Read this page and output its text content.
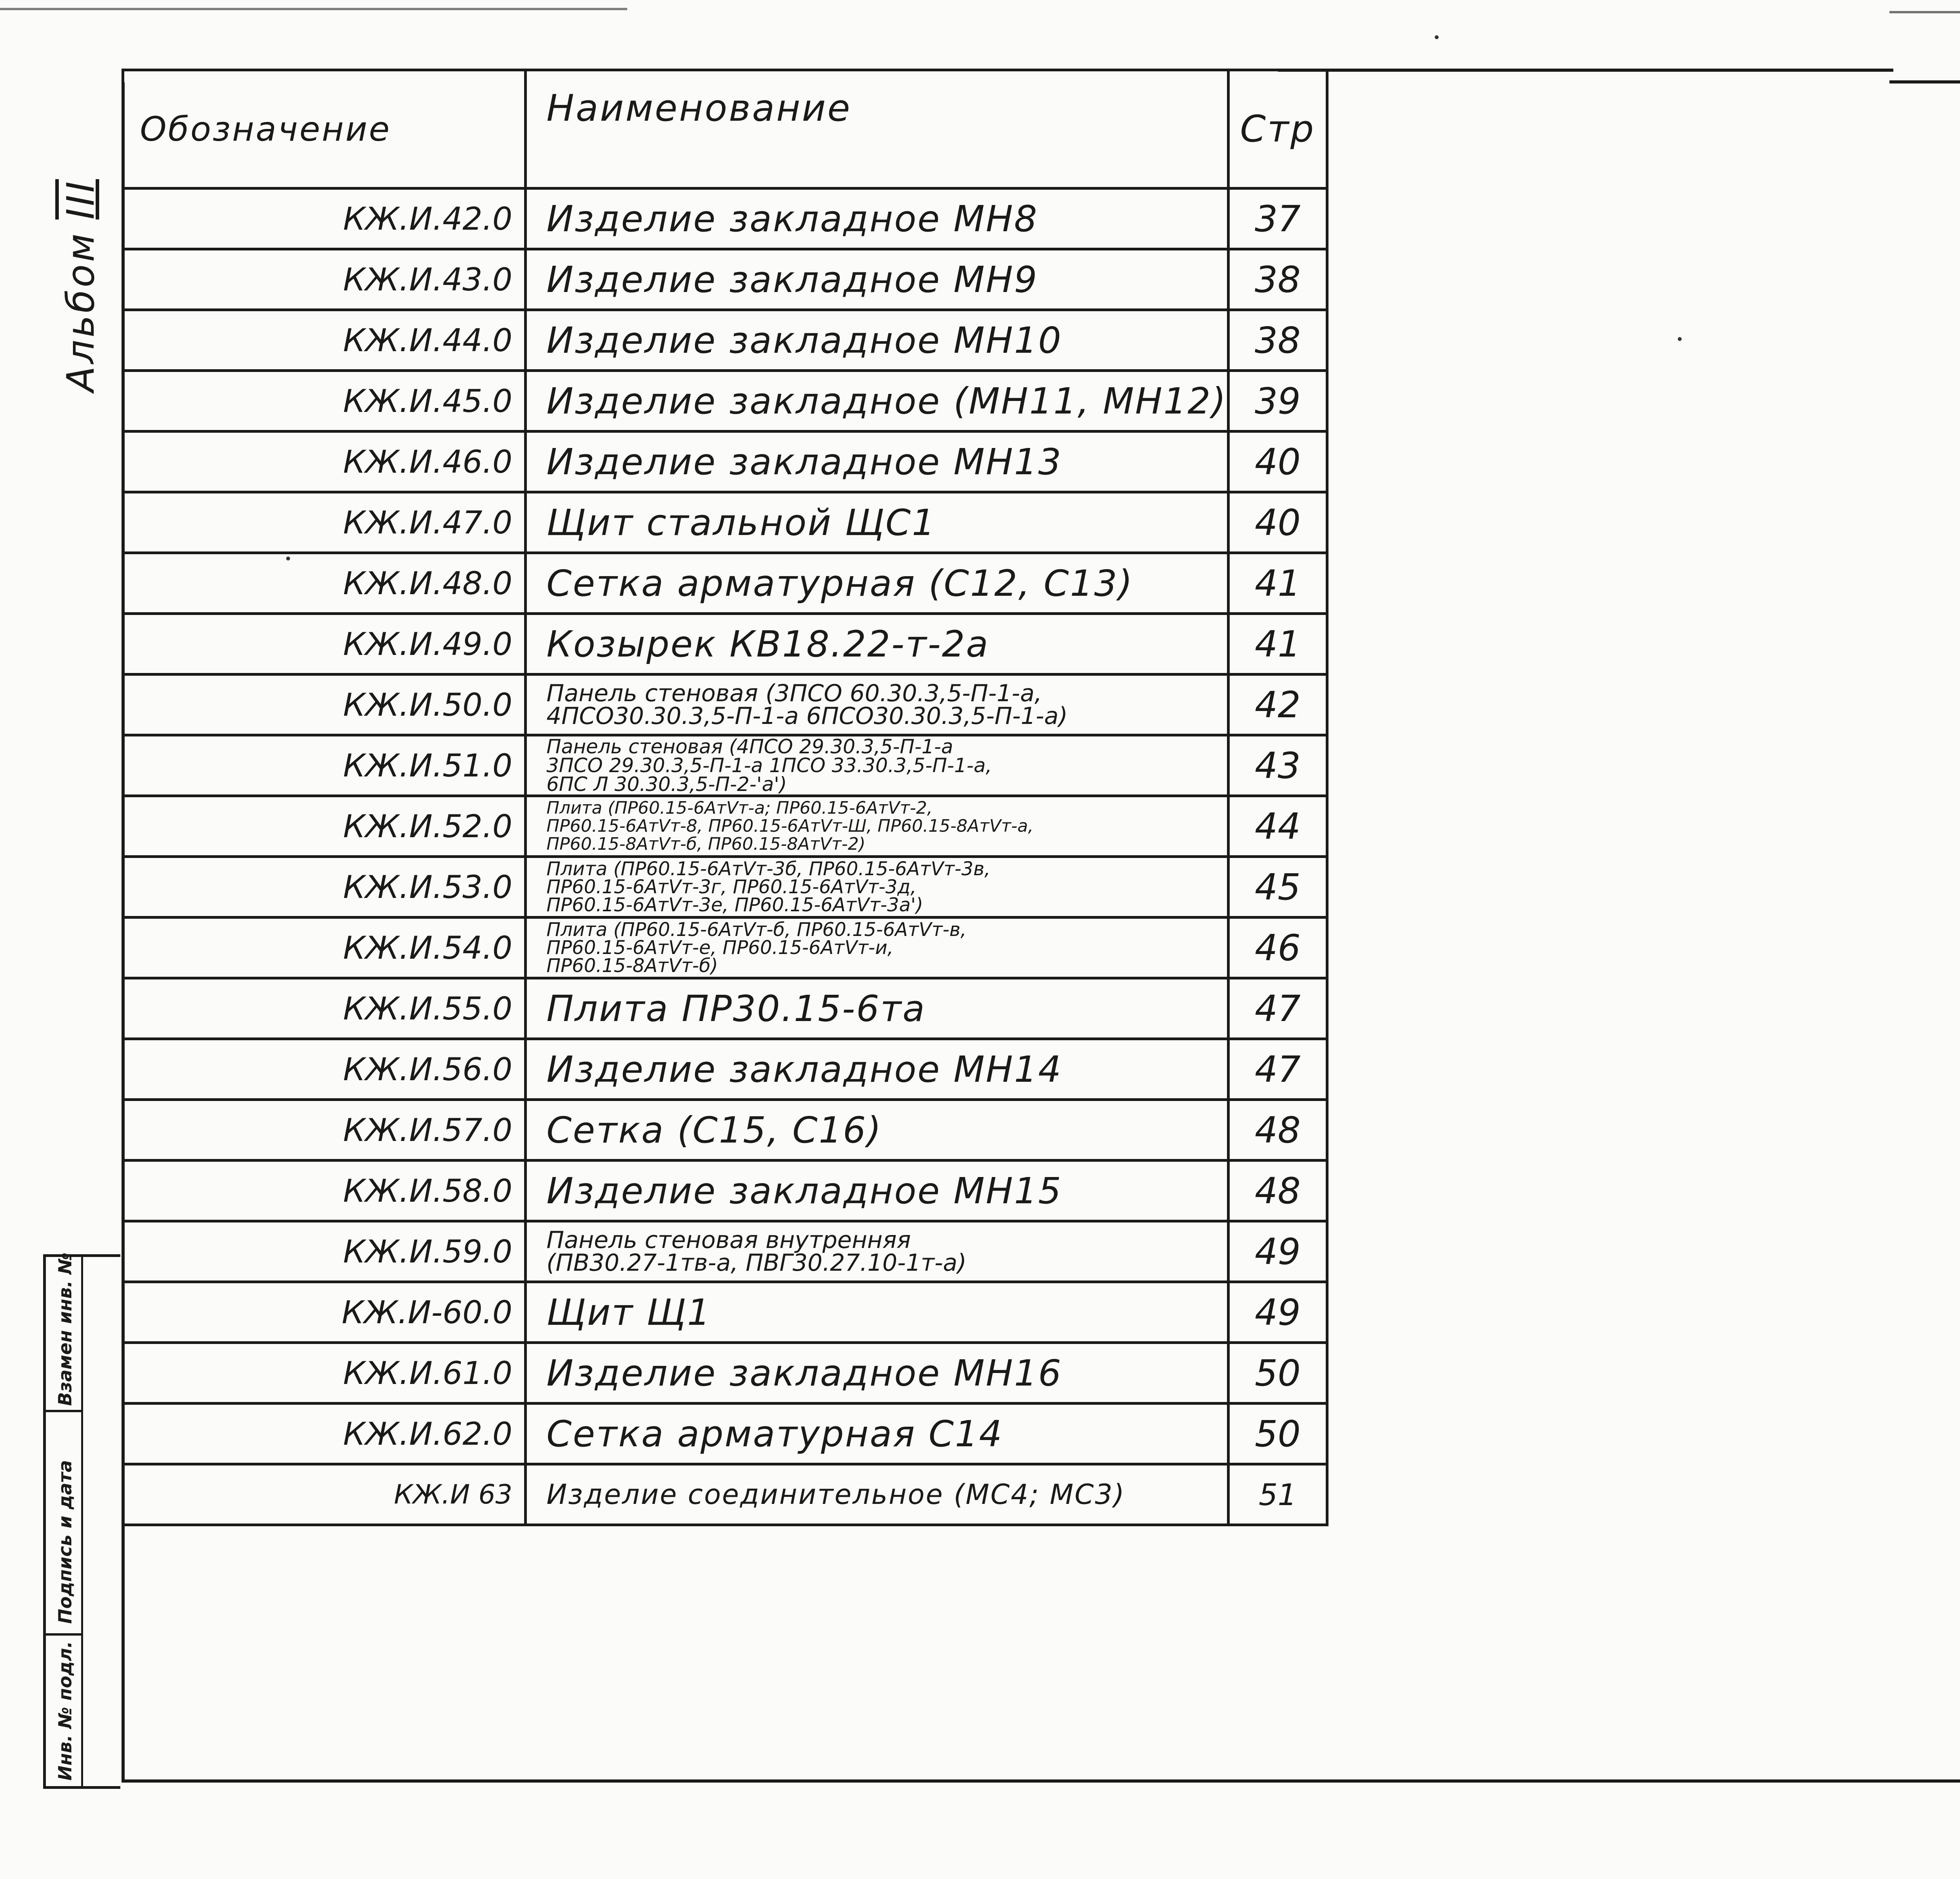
АльбомIII
Обозначение	Наименование	Стр
КЖ.И.42.0	Изделие закладное МН8	37
КЖ.И.43.0	Изделие закладное МН9	38
КЖ.И.44.0	Изделие закладное МН10	38
КЖ.И.45.0	Изделие закладное (МН11, МН12)	39
КЖ.И.46.0	Изделие закладное МН13	40
КЖ.И.47.0	Щит стальной ЩС1	40
КЖ.И.48.0	Сетка арматурная (С12, С13)	41
КЖ.И.49.0	Козырек КВ18.22-т-2а	41
КЖ.И.50.0	Панель стеновая (3ПСО 60.30.3,5-П-1-а,
4ПСО30.30.3,5-П-1-а 6ПСО30.30.3,5-П-1-а)	42
КЖ.И.51.0	Панель стеновая (4ПСО 29.30.3,5-П-1-а
3ПСО 29.30.3,5-П-1-а 1ПСО 33.30.3,5-П-1-а,
6ПС Л 30.30.3,5-П-2-'а')	43
КЖ.И.52.0	Плита (ПР60.15-6АтVт-а; ПР60.15-6АтVт-2,
ПР60.15-6АтVт-8, ПР60.15-6АтVт-Ш, ПР60.15-8АтVт-а,
ПР60.15-8АтVт-б, ПР60.15-8АтVт-2)	44
КЖ.И.53.0	Плита (ПР60.15-6АтVт-3б, ПР60.15-6АтVт-3в,
ПР60.15-6АтVт-3г, ПР60.15-6АтVт-3д,
ПР60.15-6АтVт-3е, ПР60.15-6АтVт-3а')	45
КЖ.И.54.0	Плита (ПР60.15-6АтVт-б, ПР60.15-6АтVт-в,
ПР60.15-6АтVт-е, ПР60.15-6АтVт-и,
ПР60.15-8АтVт-б)	46
КЖ.И.55.0	Плита ПР30.15-6та	47
КЖ.И.56.0	Изделие закладное МН14	47
КЖ.И.57.0	Сетка (С15, С16)	48
КЖ.И.58.0	Изделие закладное МН15	48
КЖ.И.59.0	Панель стеновая внутренняя
(ПВ30.27-1тв-а, ПВГ30.27.10-1т-а)	49
КЖ.И-60.0	Щит Щ1	49
КЖ.И.61.0	Изделие закладное МН16	50
КЖ.И.62.0	Сетка арматурная С14	50
КЖ.И 63	Изделие соединительное (МС4; МС3)	51
Взамен инв. №
Подпись и дата
Инв. № подл.
